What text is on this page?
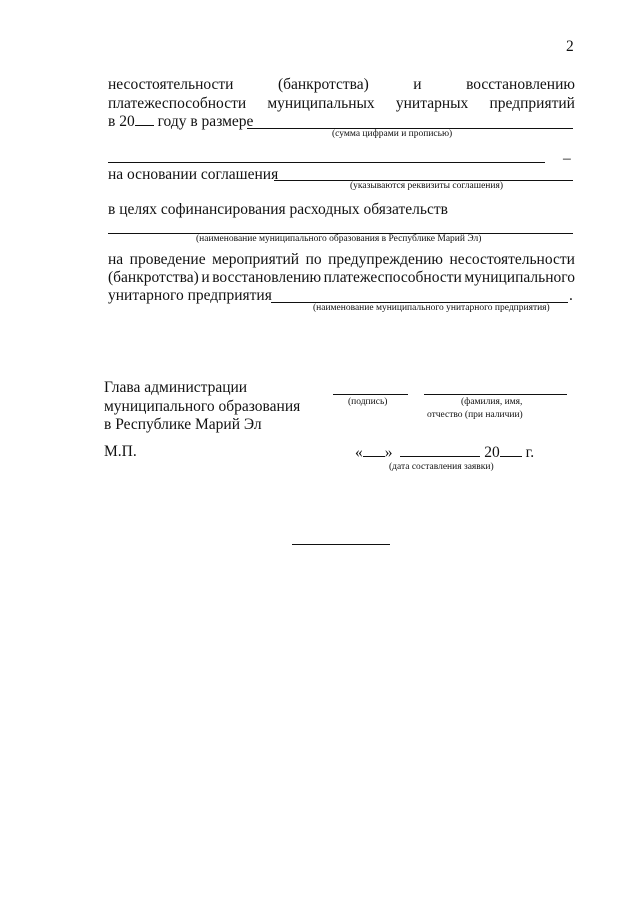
2
несостоятельности	(банкротства)	и	восстановлению
платежеспособности муниципальных унитарных предприятий
в 20 году в размере
(сумма цифрами и прописью)
–
на основании соглашения
(указываются реквизиты соглашения)
в целях софинансирования расходных обязательств
(наименование муниципального образования в Республике Марий Эл)
на проведение мероприятий по предупреждению несостоятельности
(банкротства) и восстановлению платежеспособности муниципального
унитарного предприятия	.
(наименование муниципального унитарного предприятия)
Глава администрации
муниципального образования
в Республике Марий Эл
(подпись)	(фамилия, имя,
отчество (при наличии)
М.П.	« »	20 г.
(дата составления заявки)
